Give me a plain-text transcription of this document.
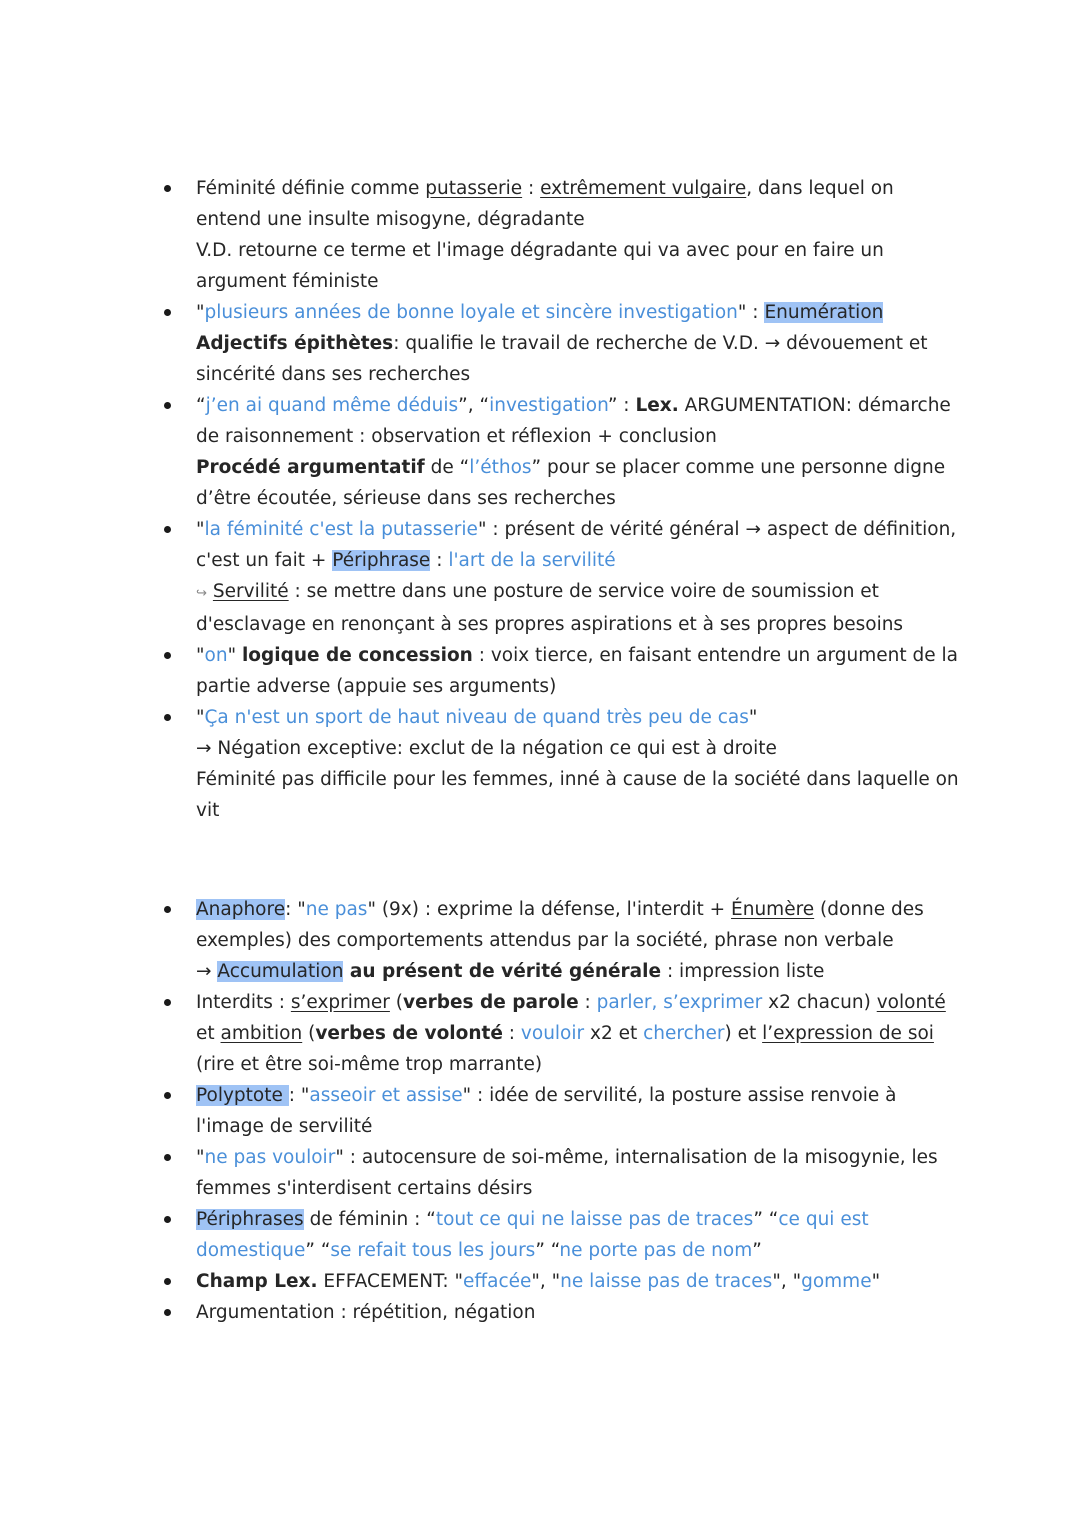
Féminité définie comme putasserie : extrêmement vulgaire, dans lequel on
entend une insulte misogyne, dégradante
V.D. retourne ce terme et l'image dégradante qui va avec pour en faire un
argument féministe
"plusieurs années de bonne loyale et sincère investigation" : Enumération
Adjectifs épithètes: qualifie le travail de recherche de V.D. → dévouement et
sincérité dans ses recherches
“j’en ai quand même déduis”, “investigation” : Lex. ARGUMENTATION: démarche
de raisonnement : observation et réflexion + conclusion
Procédé argumentatif de “l’éthos” pour se placer comme une personne digne
d’être écoutée, sérieuse dans ses recherches
"la féminité c'est la putasserie" : présent de vérité général → aspect de définition,
c'est un fait + Périphrase : l'art de la servilité
↪ Servilité : se mettre dans une posture de service voire de soumission et
d'esclavage en renonçant à ses propres aspirations et à ses propres besoins
"on" logique de concession : voix tierce, en faisant entendre un argument de la
partie adverse (appuie ses arguments)
"Ça n'est un sport de haut niveau de quand très peu de cas"
→ Négation exceptive: exclut de la négation ce qui est à droite
Féminité pas difficile pour les femmes, inné à cause de la société dans laquelle on
vit
Anaphore: "ne pas" (9x) : exprime la défense, l'interdit + Énumère (donne des
exemples) des comportements attendus par la société, phrase non verbale
→ Accumulation au présent de vérité générale : impression liste
Interdits : s’exprimer (verbes de parole : parler, s’exprimer x2 chacun) volonté
et ambition (verbes de volonté : vouloir x2 et chercher) et l’expression de soi
(rire et être soi-même trop marrante)
Polyptote : "asseoir et assise" : idée de servilité, la posture assise renvoie à
l'image de servilité
"ne pas vouloir" : autocensure de soi-même, internalisation de la misogynie, les
femmes s'interdisent certains désirs
Périphrases de féminin : “tout ce qui ne laisse pas de traces” “ce qui est
domestique” “se refait tous les jours” “ne porte pas de nom”
Champ Lex. EFFACEMENT: "effacée", "ne laisse pas de traces", "gomme"
Argumentation : répétition, négation
